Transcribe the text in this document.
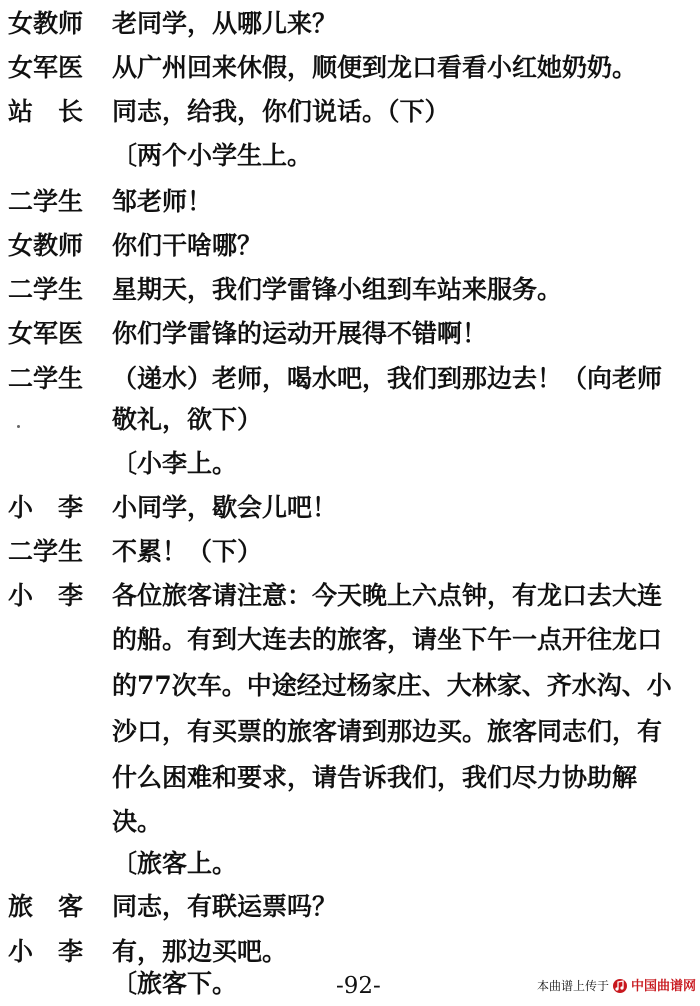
女教师	老同学，从哪儿来？
女军医	从广州回来休假，顺便到龙口看看小红她奶奶。
站　长	同志，给我，你们说话。（下）
〔两个小学生上。
二学生	邹老师！
女教师	你们干啥哪？
二学生	星期天，我们学雷锋小组到车站来服务。
女军医	你们学雷锋的运动开展得不错啊！
二学生	（递水）老师，喝水吧，我们到那边去！（向老师
敬礼，欲下）
〔小李上。
小　李	小同学，歇会儿吧！
二学生	不累！（下）
小　李	各位旅客请注意：今天晚上六点钟，有龙口去大连
的船。有到大连去的旅客，请坐下午一点开往龙口
的77次车。中途经过杨家庄、大林家、齐水沟、小
沙口，有买票的旅客请到那边买。旅客同志们，有
什么困难和要求，请告诉我们，我们尽力协助解
决。
〔旅客上。
旅　客	同志，有联运票吗？
小　李	有，那边买吧。
〔旅客下。	-92-	本曲谱上传于 中国曲谱网
